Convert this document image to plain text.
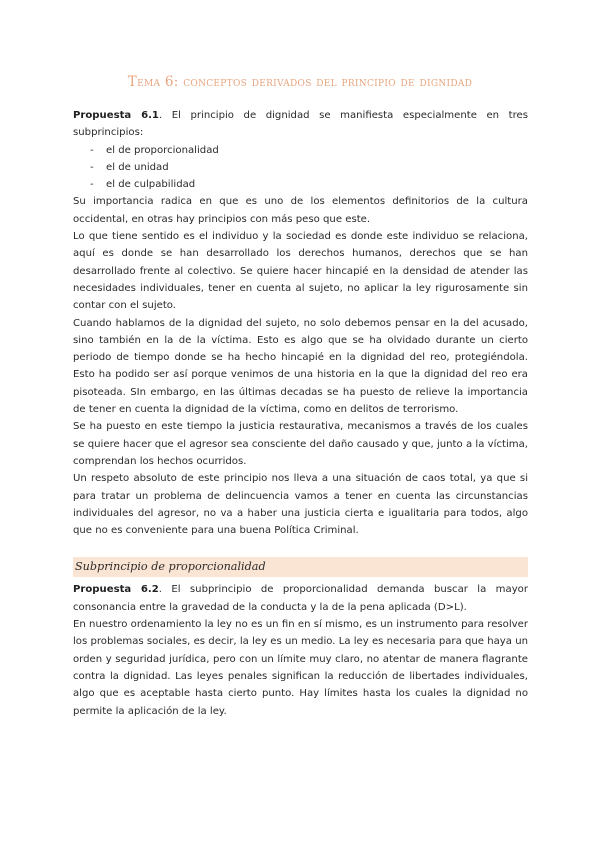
Tema 6: conceptos derivados del principio de dignidad

Propuesta 6.1. El principio de dignidad se manifiesta especialmente en tres subprincipios:

- el de proporcionalidad
- el de unidad
- el de culpabilidad

Su importancia radica en que es uno de los elementos definitorios de la cultura occidental, en otras hay principios con más peso que este.

Lo que tiene sentido es el individuo y la sociedad es donde este individuo se relaciona, aquí es donde se han desarrollado los derechos humanos, derechos que se han desarrollado frente al colectivo. Se quiere hacer hincapié en la densidad de atender las necesidades individuales, tener en cuenta al sujeto, no aplicar la ley rigurosamente sin contar con el sujeto.

Cuando hablamos de la dignidad del sujeto, no solo debemos pensar en la del acusado, sino también en la de la víctima. Esto es algo que se ha olvidado durante un cierto periodo de tiempo donde se ha hecho hincapié en la dignidad del reo, protegiéndola. Esto ha podido ser así porque venimos de una historia en la que la dignidad del reo era pisoteada. SIn embargo, en las últimas decadas se ha puesto de relieve la importancia de tener en cuenta la dignidad de la víctima, como en delitos de terrorismo.

Se ha puesto en este tiempo la justicia restaurativa, mecanismos a través de los cuales se quiere hacer que el agresor sea consciente del daño causado y que, junto a la víctima, comprendan los hechos ocurridos.

Un respeto absoluto de este principio nos lleva a una situación de caos total, ya que si para tratar un problema de delincuencia vamos a tener en cuenta las circunstancias individuales del agresor, no va a haber una justicia cierta e igualitaria para todos, algo que no es conveniente para una buena Política Criminal.

Subprincipio de proporcionalidad

Propuesta 6.2. El subprincipio de proporcionalidad demanda buscar la mayor consonancia entre la gravedad de la conducta y la de la pena aplicada (D>L).

En nuestro ordenamiento la ley no es un fin en sí mismo, es un instrumento para resolver los problemas sociales, es decir, la ley es un medio. La ley es necesaria para que haya un orden y seguridad jurídica, pero con un límite muy claro, no atentar de manera flagrante contra la dignidad. Las leyes penales significan la reducción de libertades individuales, algo que es aceptable hasta cierto punto. Hay límites hasta los cuales la dignidad no permite la aplicación de la ley.
